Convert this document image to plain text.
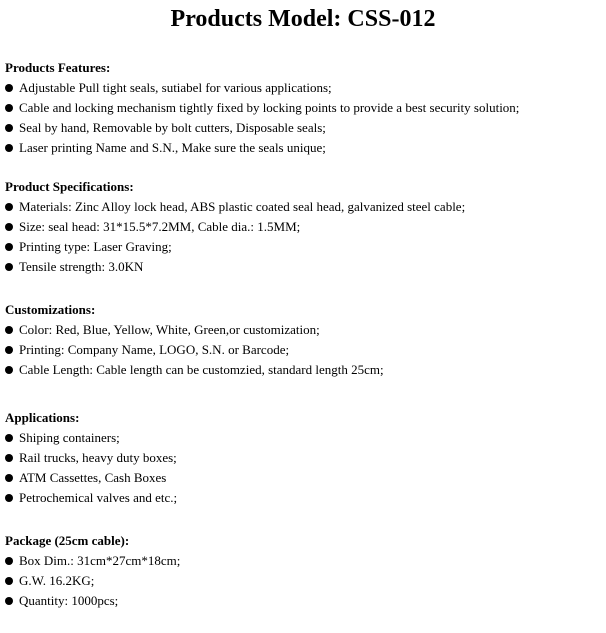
Products Model: CSS-012
Products Features:
Adjustable Pull tight seals, sutiabel for various applications;
Cable and locking mechanism tightly fixed by locking points to provide a best security solution;
Seal by hand, Removable by bolt cutters, Disposable seals;
Laser printing Name and S.N., Make sure the seals unique;
Product Specifications:
Materials: Zinc Alloy lock head, ABS plastic coated seal head, galvanized steel cable;
Size: seal head: 31*15.5*7.2MM, Cable dia.: 1.5MM;
Printing type: Laser Graving;
Tensile strength: 3.0KN
Customizations:
Color: Red, Blue, Yellow, White, Green,or customization;
Printing: Company Name, LOGO, S.N. or Barcode;
Cable Length: Cable length can be customzied, standard length 25cm;
Applications:
Shiping containers;
Rail trucks, heavy duty boxes;
ATM Cassettes, Cash Boxes
Petrochemical valves and etc.;
Package (25cm cable):
Box Dim.: 31cm*27cm*18cm;
G.W. 16.2KG;
Quantity: 1000pcs;
